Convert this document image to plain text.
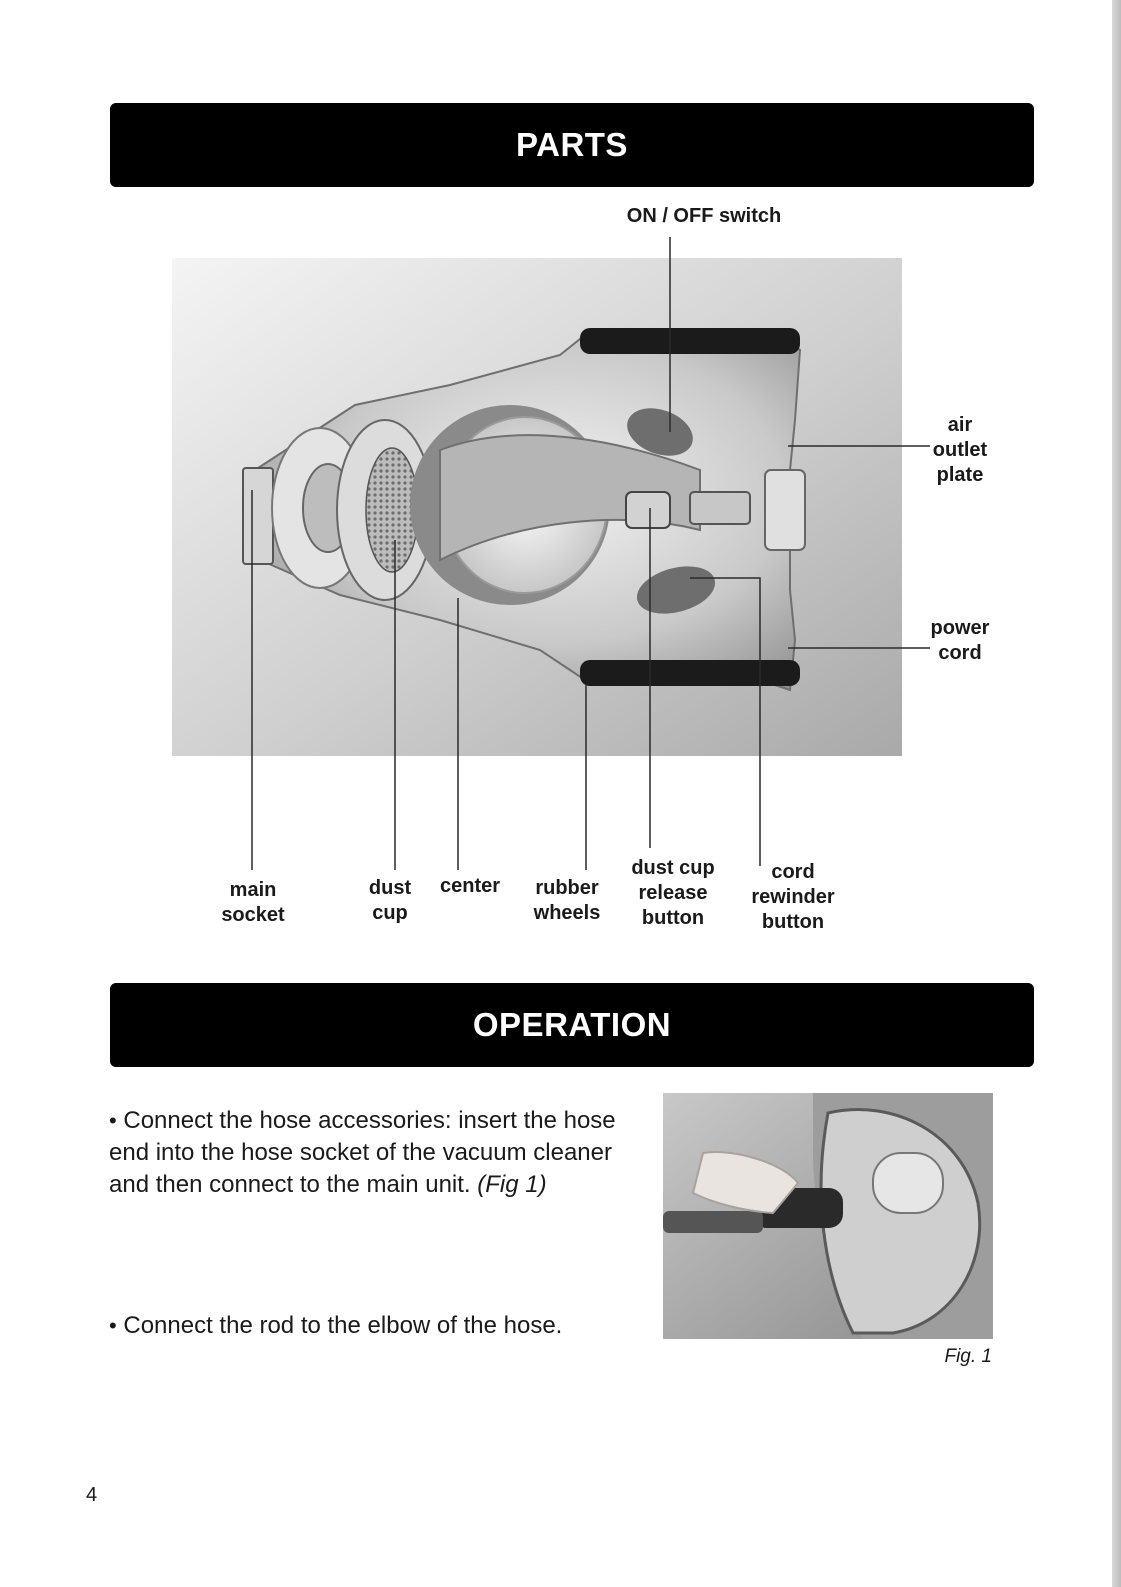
PARTS
ON / OFF switch
air
outlet
plate
power
cord
main
socket
dust
cup
center	rubber
wheels
dust cup
release
button
cord
rewinder
button
OPERATION
• Connect the hose accessories: insert the hose end into the hose socket of the vacuum cleaner and then connect to the main unit. (Fig 1)
• Connect the rod to the elbow of the hose.
Fig. 1
4
